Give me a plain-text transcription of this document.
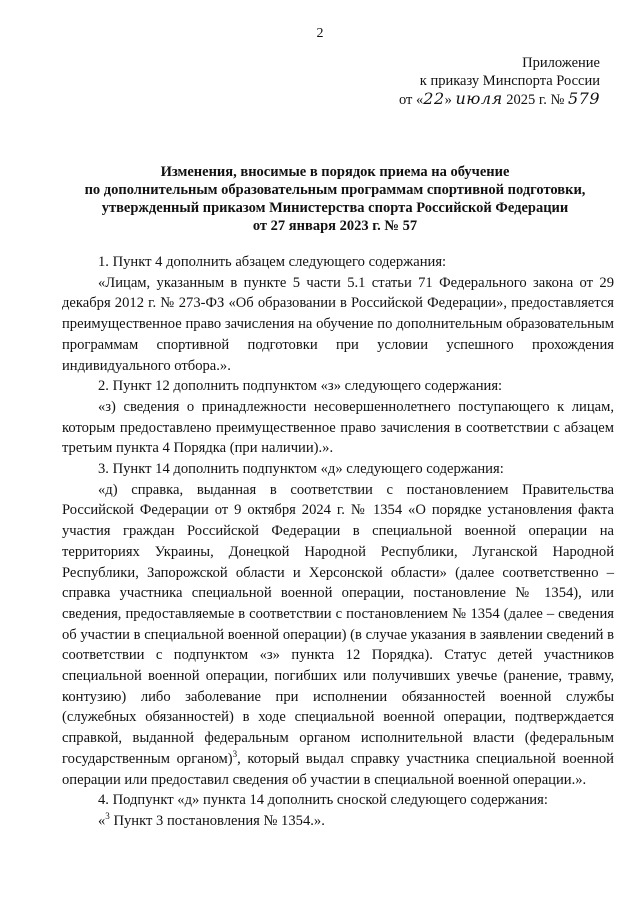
2
Приложение
к приказу Минспорта России
от «22» июля 2025 г. № 579
Изменения, вносимые в порядок приема на обучение
по дополнительным образовательным программам спортивной подготовки,
утвержденный приказом Министерства спорта Российской Федерации
от 27 января 2023 г. № 57

1. Пункт 4 дополнить абзацем следующего содержания:

«Лицам, указанным в пункте 5 части 5.1 статьи 71 Федерального закона от 29 декабря 2012 г. № 273-ФЗ «Об образовании в Российской Федерации», предоставляется преимущественное право зачисления на обучение по дополнительным образовательным программам спортивной подготовки при условии успешного прохождения индивидуального отбора.».

2. Пункт 12 дополнить подпунктом «з» следующего содержания:

«з) сведения о принадлежности несовершеннолетнего поступающего к лицам, которым предоставлено преимущественное право зачисления в соответствии с абзацем третьим пункта 4 Порядка (при наличии).».

3. Пункт 14 дополнить подпунктом «д» следующего содержания:

«д) справка, выданная в соответствии с постановлением Правительства Российской Федерации от 9 октября 2024 г. № 1354 «О порядке установления факта участия граждан Российской Федерации в специальной военной операции на территориях Украины, Донецкой Народной Республики, Луганской Народной Республики, Запорожской области и Херсонской области» (далее соответственно – справка участника специальной военной операции, постановление № 1354), или сведения, предоставляемые в соответствии с постановлением № 1354 (далее – сведения об участии в специальной военной операции) (в случае указания в заявлении сведений в соответствии с подпунктом «з» пункта 12 Порядка). Статус детей участников специальной военной операции, погибших или получивших увечье (ранение, травму, контузию) либо заболевание при исполнении обязанностей военной службы (служебных обязанностей) в ходе специальной военной операции, подтверждается справкой, выданной федеральным органом исполнительной власти (федеральным государственным органом)$^3$, который выдал справку участника специальной военной операции или предоставил сведения об участии в специальной военной операции.».

4. Подпункт «д» пункта 14 дополнить сноской следующего содержания:

«$^3$ Пункт 3 постановления № 1354.».
